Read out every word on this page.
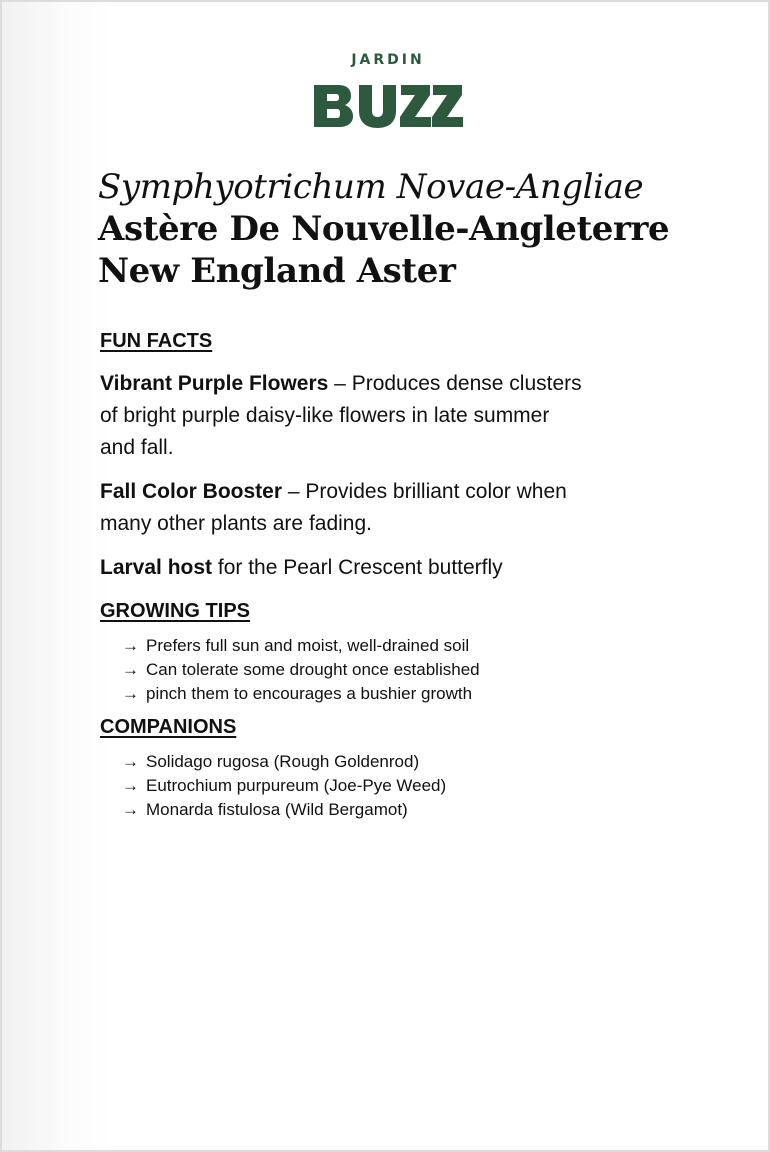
JARDIN
Symphyotrichum Novae-Angliae
Astère De Nouvelle-Angleterre
New England Aster
FUN FACTS

Vibrant Purple Flowers – Produces dense clusters
of bright purple daisy-like flowers in late summer
and fall.

Fall Color Booster – Provides brilliant color when
many other plants are fading.

Larval host for the Pearl Crescent butterfly

GROWING TIPS
→ Prefers full sun and moist, well-drained soil
→ Can tolerate some drought once established
→ pinch them to encourages a bushier growth
COMPANIONS
→ Solidago rugosa (Rough Goldenrod)
→ Eutrochium purpureum (Joe-Pye Weed)
→ Monarda fistulosa (Wild Bergamot)
